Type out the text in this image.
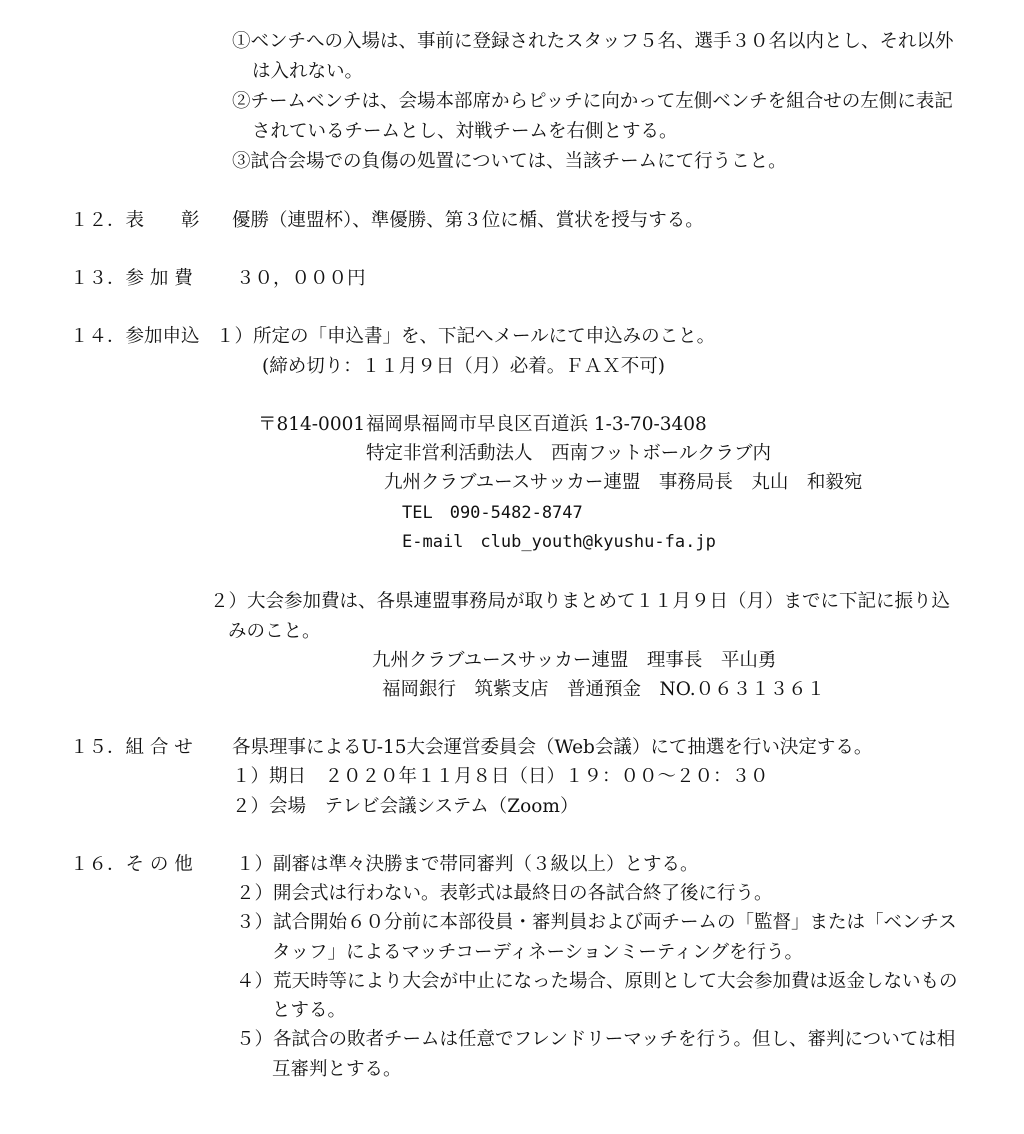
①ベンチへの入場は、事前に登録されたスタッフ５名、選手３０名以内とし、それ以外
は入れない。
②チームベンチは、会場本部席からピッチに向かって左側ベンチを組合せの左側に表記
されているチームとし、対戦チームを右側とする。
③試合会場での負傷の処置については、当該チームにて行うこと。
１２．表　　彰 優勝（連盟杯）、準優勝、第３位に楯、賞状を授与する。
１３．参 加 費 ３０，０００円
１４．参加申込 １）所定の「申込書」を、下記へメールにて申込みのこと。
(締め切り：１１月９日（月）必着。ＦＡＸ不可)
〒814-0001 福岡県福岡市早良区百道浜 1-3-70-3408
特定非営利活動法人　西南フットボールクラブ内
九州クラブユースサッカー連盟　事務局長　丸山　和毅宛
TEL　090-5482-8747
E-mail　club_youth@kyushu-fa.jp
２）大会参加費は、各県連盟事務局が取りまとめて１１月９日（月）までに下記に振り込
みのこと。
九州クラブユースサッカー連盟　理事長　平山勇
福岡銀行　筑紫支店　普通預金　NO.０６３１３６１
１５．組 合 せ 各県理事によるU-15大会運営委員会（Web会議）にて抽選を行い決定する。
１）期日　２０２０年１１月８日（日）１９：００～２０：３０
２）会場　テレビ会議システム（Zoom）
１６．そ の 他 １）副審は準々決勝まで帯同審判（３級以上）とする。
２）開会式は行わない。表彰式は最終日の各試合終了後に行う。
３）試合開始６０分前に本部役員・審判員および両チームの「監督」または「ベンチス
タッフ」によるマッチコーディネーションミーティングを行う。
４）荒天時等により大会が中止になった場合、原則として大会参加費は返金しないもの
とする。
５）各試合の敗者チームは任意でフレンドリーマッチを行う。但し、審判については相
互審判とする。
